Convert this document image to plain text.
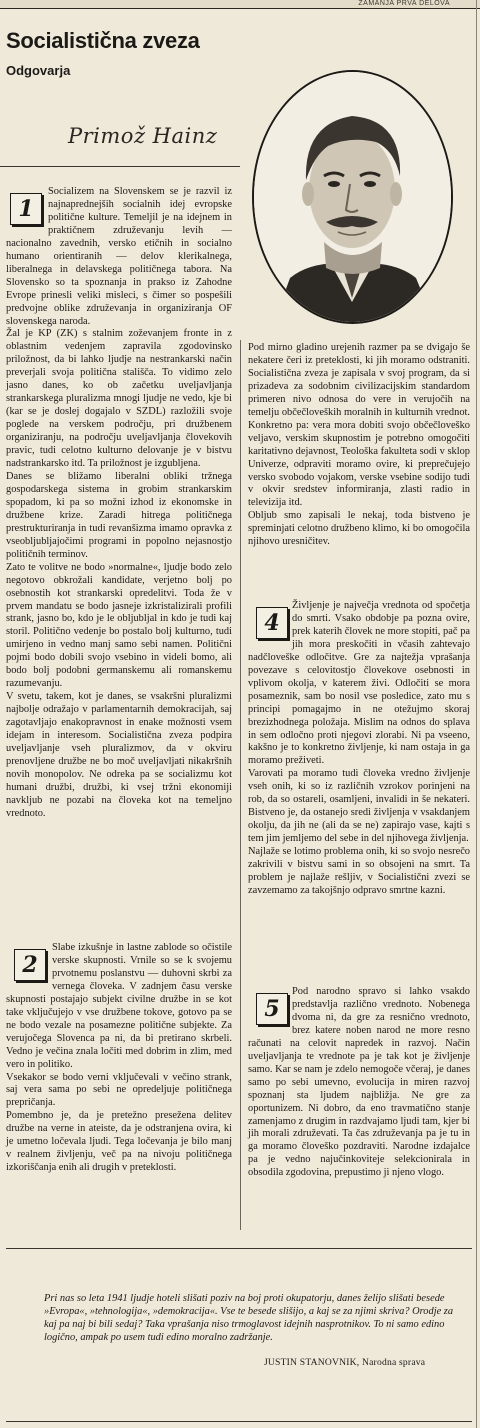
ZAMANJA PRVA DELOVA
Socialistična zveza
Odgovarja
Primož Hainz
1

Socializem na Slovenskem se je razvil iz najnaprednejših socialnih idej evropske politične kulture. Temeljil je na idejnem in praktičnem združevanju levih — nacionalno zavednih, versko etičnih in socialno humano orientiranih — delov klerikalnega, liberalnega in delavskega političnega tabora. Na Slovensko so ta spoznanja in prakso iz Zahodne Evrope prinesli veliki misleci, s čimer so pospešili predvojne oblike združevanja in organiziranja OF slovenskega naroda.

Žal je KP (ZK) s stalnim zoževanjem fronte in z oblastnim vedenjem zapravila zgodovinsko priložnost, da bi lahko ljudje na nestrankarski način preverjali svoja politična stališča. To vidimo zelo jasno danes, ko ob začetku uveljavljanja strankarskega pluralizma mnogi ljudje ne vedo, kje bi (kar se je doslej dogajalo v SZDL) razložili svoje poglede na verskem področju, pri družbenem organiziranju, na področju uveljavljanja človekovih pravic, tudi celotno kulturno delovanje je v bistvu nadstrankarsko itd. Ta priložnost je izgubljena.

Danes se bližamo liberalni obliki tržnega gospodarskega sistema in grobim strankarskim spopadom, ki pa so možni izhod iz ekonomske in družbene krize. Zaradi hitrega političnega prestrukturiranja in tudi revanšizma imamo opravka z vseobljubljajočimi programi in popolno nejasnostjo političnih terminov.

Zato te volitve ne bodo »normalne«, ljudje bodo zelo negotovo obkrožali kandidate, verjetno bolj po osebnostih kot strankarski opredelitvi. Toda že v prvem mandatu se bodo jasneje izkristalizirali profili strank, jasno bo, kdo je le obljubljal in kdo je tudi kaj storil. Politično vedenje bo postalo bolj kulturno, tudi umirjeno in vedno manj samo sebi namen. Politični pojmi bodo dobili svojo vsebino in videli bomo, ali bodo bolj podobni germanskemu ali romanskemu razumevanju.

V svetu, takem, kot je danes, se vsakršni pluralizmi najbolje odražajo v parlamentarnih demokracijah, saj zagotavljajo enakopravnost in enake možnosti vsem idejam in interesom. Socialistična zveza podpira uveljavljanje vseh pluralizmov, da v okviru prenovljene družbe ne bo moč uveljavljati nikakršnih novih monopolov. Ne odreka pa se socializmu kot humani družbi, družbi, ki vsej tržni ekonomiji navkljub ne pozabi na človeka kot na temeljno vrednoto.

2

Slabe izkušnje in lastne zablode so očistile verske skupnosti. Vrnile so se k svojemu prvotnemu poslanstvu — duhovni skrbi za vernega človeka. V zadnjem času verske skupnosti postajajo subjekt civilne družbe in se kot take vključujejo v vse družbene tokove, gotovo pa se ne bodo vezale na posamezne politične subjekte. Za verujočega Slovenca pa ni, da bi pretirano skrbeli. Vedno je večina znala ločiti med dobrim in zlim, med vero in politiko.

Vsekakor se bodo verni vključevali v večino strank, saj vera sama po sebi ne opredeljuje političnega prepričanja.

Pomembno je, da je pretežno presežena delitev družbe na verne in ateiste, da je odstranjena ovira, ki je umetno ločevala ljudi. Tega ločevanja je bilo manj v realnem življenju, več pa na nivoju političnega izkoriščanja enih ali drugih v preteklosti.

Pod mirno gladino urejenih razmer pa se dvigajo še nekatere čeri iz preteklosti, ki jih moramo odstraniti. Socialistična zveza je zapisala v svoj program, da si prizadeva za sodobnim civilizacijskim standardom primeren nivo odnosa do vere in verujočih na temelju občečloveških moralnih in kulturnih vrednot. Konkretno pa: vera mora dobiti svojo občečloveško veljavo, verskim skupnostim je potrebno omogočiti karitativno dejavnost, Teološka fakulteta sodi v sklop Univerze, odpraviti moramo ovire, ki preprečujejo versko svobodo vojakom, verske vsebine sodijo tudi v okvir sredstev informiranja, zlasti radio in televizija itd.

Obljub smo zapisali le nekaj, toda bistveno je spreminjati celotno družbeno klimo, ki bo omogočila njihovo uresničitev.

4

Življenje je največja vrednota od spočetja do smrti. Vsako obdobje pa pozna ovire, prek katerih človek ne more stopiti, pač pa jih mora preskočiti in včasih zahtevajo nadčloveške odločitve. Gre za najtežja vprašanja povezave s celovitostjo človekove osebnosti in vplivom okolja, v katerem živi. Odločiti se mora posameznik, sam bo nosil vse posledice, zato mu s principi pomagajmo in ne otežujmo skoraj brezizhodnega položaja. Mislim na odnos do splava in sem odločno proti njegovi zlorabi. Ni pa vseeno, kakšno je to konkretno življenje, ki nam ostaja in ga moramo preživeti.

Varovati pa moramo tudi človeka vredno življenje vseh onih, ki so iz različnih vzrokov porinjeni na rob, da so ostareli, osamljeni, invalidi in še nekateri. Bistveno je, da ostanejo sredi življenja v vsakdanjem okolju, da jih ne (ali da se ne) zapirajo vase, kajti s tem jim jemljemo del sebe in del njihovega življenja.

Najlaže se lotimo problema onih, ki so svojo nesrečo zakrivili v bistvu sami in so obsojeni na smrt. Ta problem je najlaže rešljiv, v Socialistični zvezi se zavzemamo za takojšnjo odpravo smrtne kazni.

5

Pod narodno spravo si lahko vsakdo predstavlja različno vrednoto. Nobenega dvoma ni, da gre za resnično vrednoto, brez katere noben narod ne more resno računati na celovit napredek in razvoj. Način uveljavljanja te vrednote pa je tak kot je življenje samo. Kar se nam je zdelo nemogoče včeraj, je danes samo po sebi umevno, evolucija in miren razvoj spoznanj sta ljudem najbližja. Ne gre za oportunizem. Ni dobro, da eno travmatično stanje zamenjamo z drugim in razdvajamo ljudi tam, kjer bi jih morali združevati. Ta čas združevanja pa je tu in ga moramo človeško pozdraviti. Narodne izdajalce pa je vedno najučinkoviteje selekcionirala in obsodila zgodovina, prepustimo ji njeno vlogo.

Pri nas so leta 1941 ljudje hoteli slišati poziv na boj proti okupatorju, danes želijo slišati besede »Evropa«, »tehnologija«, »demokracija«. Vse te besede slišijo, a kaj se za njimi skriva? Orodje za kaj pa naj bi bili sedaj? Taka vprašanja niso trmoglavost idejnih nasprotnikov. To ni samo edino logično, ampak po usem tudi edino moralno zadržanje.
JUSTIN STANOVNIK, Narodna sprava
